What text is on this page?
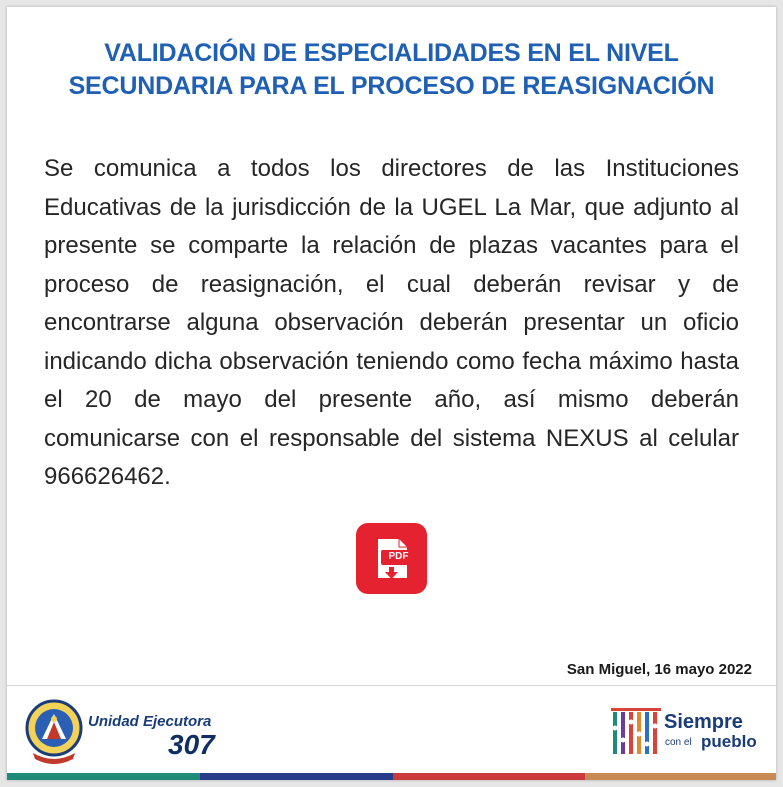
VALIDACIÓN DE ESPECIALIDADES EN EL NIVEL SECUNDARIA PARA EL PROCESO DE REASIGNACIÓN
Se comunica a todos los directores de las Instituciones Educativas de la jurisdicción de la UGEL La Mar, que adjunto al presente se comparte la relación de plazas vacantes para el proceso de reasignación, el cual deberán revisar y de encontrarse alguna observación deberán presentar un oficio indicando dicha observación teniendo como fecha máximo hasta el 20 de mayo del presente año, así mismo deberán comunicarse con el responsable del sistema NEXUS al celular 966626462.
PDF
San Miguel, 16 mayo 2022
Unidad Ejecutora
307
Siempre
con el pueblo
